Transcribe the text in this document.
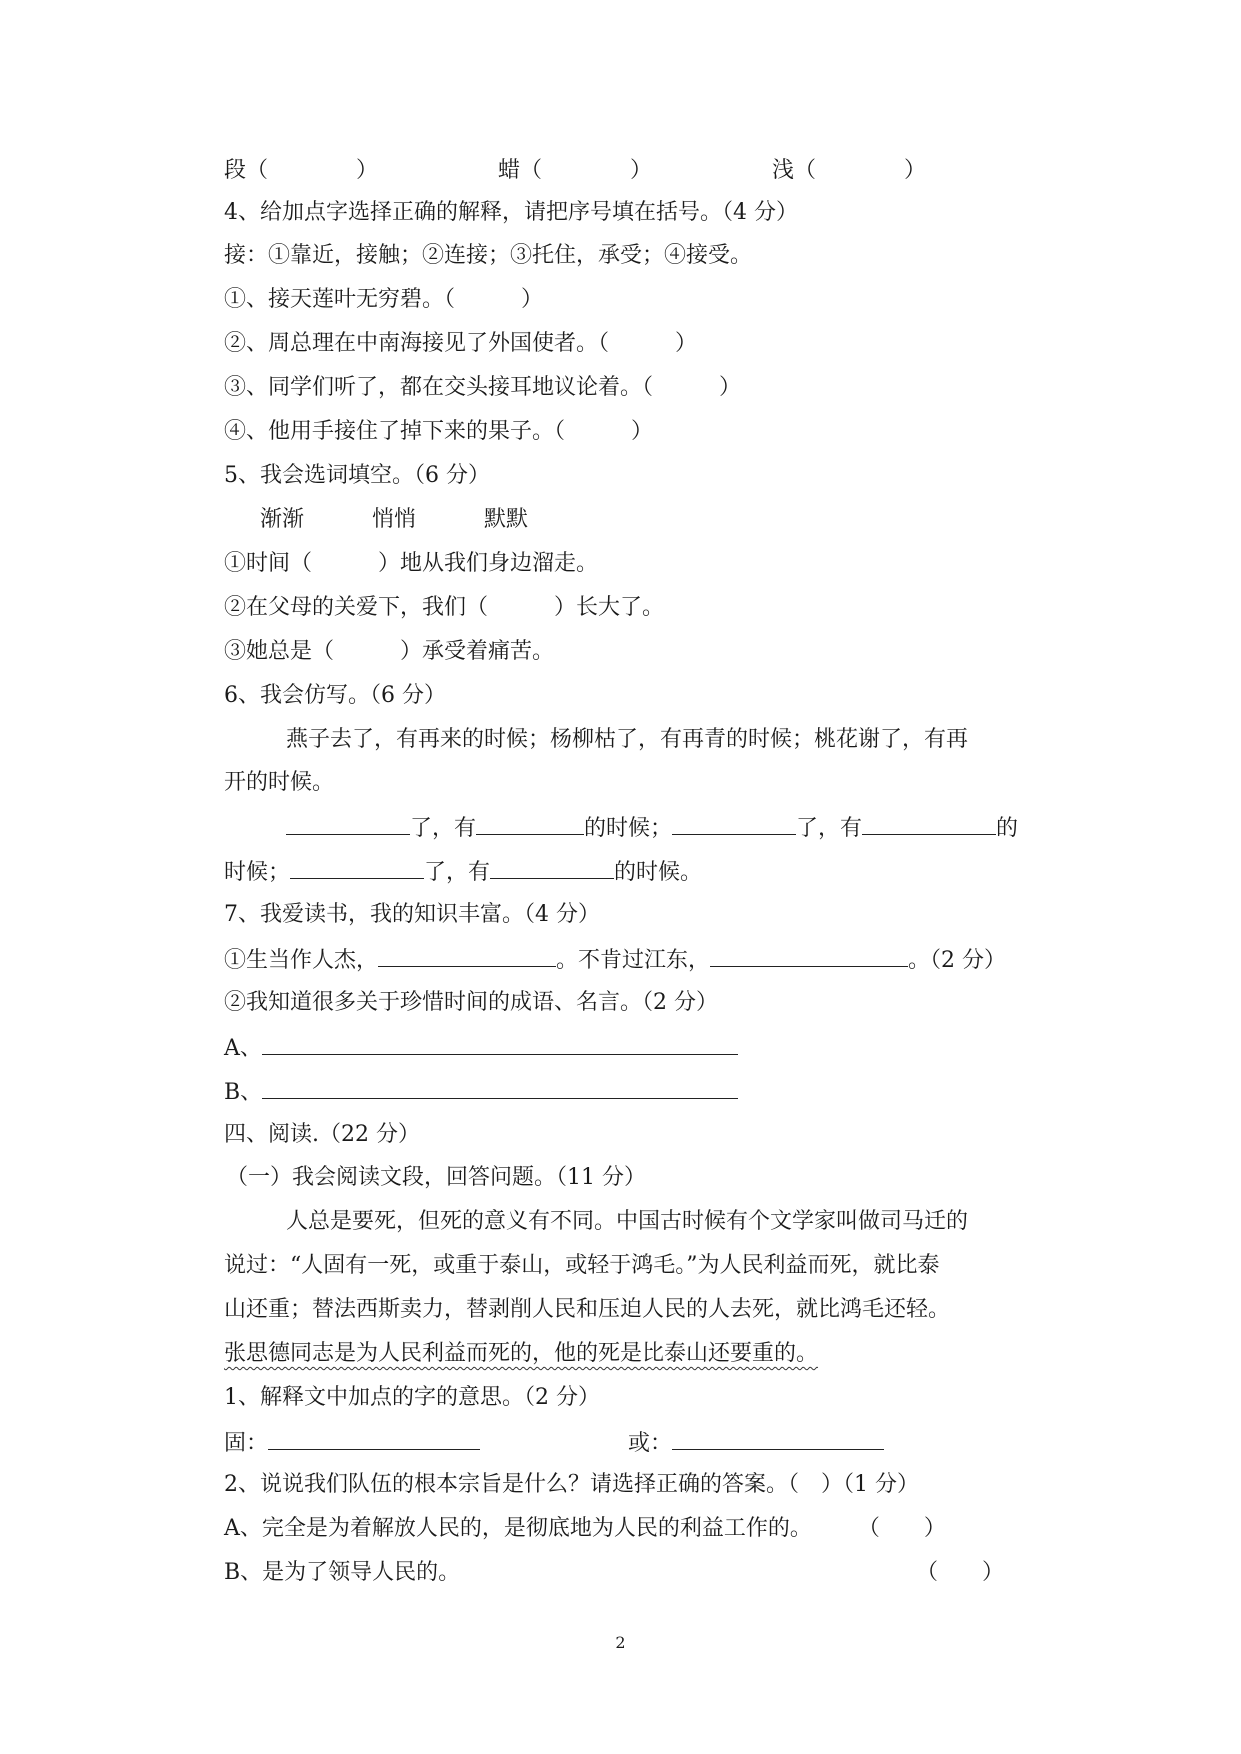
段（　　　　）	蜡（　　　　）	浅（　　　　）
4、给加点字选择正确的解释，请把序号填在括号。（4 分）
接：①靠近，接触；②连接；③托住，承受；④接受。
①、接天莲叶无穷碧。（　　　）
②、周总理在中南海接见了外国使者。（　　　）
③、同学们听了，都在交头接耳地议论着。（　　　）
④、他用手接住了掉下来的果子。（　　　）
5、我会选词填空。（6 分）
渐渐	悄悄	默默
①时间（　　　）地从我们身边溜走。
②在父母的关爱下，我们（　　　）长大了。
③她总是（　　　）承受着痛苦。
6、我会仿写。（6 分）
燕子去了，有再来的时候；杨柳枯了，有再青的时候；桃花谢了，有再
开的时候。
了，有	的时候；	了，有	的
时候；	了，有	的时候。
7、我爱读书，我的知识丰富。（4 分）
①生当作人杰，	。不肯过江东，	。（2 分）
②我知道很多关于珍惜时间的成语、名言。（2 分）
A、
B、
四、阅读.（22 分）
（一）我会阅读文段，回答问题。（11 分）
人总是要死，但死的意义有不同。中国古时候有个文学家叫做司马迁的
说过：“人固有一死，或重于泰山，或轻于鸿毛。”为人民利益而死，就比泰
山还重；替法西斯卖力，替剥削人民和压迫人民的人去死，就比鸿毛还轻。
张思德同志是为人民利益而死的，他的死是比泰山还要重的。
1、解释文中加点的字的意思。（2 分）
固：	或：
2、说说我们队伍的根本宗旨是什么？请选择正确的答案。（　）（1 分）
A、完全是为着解放人民的，是彻底地为人民的利益工作的。 （　　）
B、是为了领导人民的。	（　　）
2
